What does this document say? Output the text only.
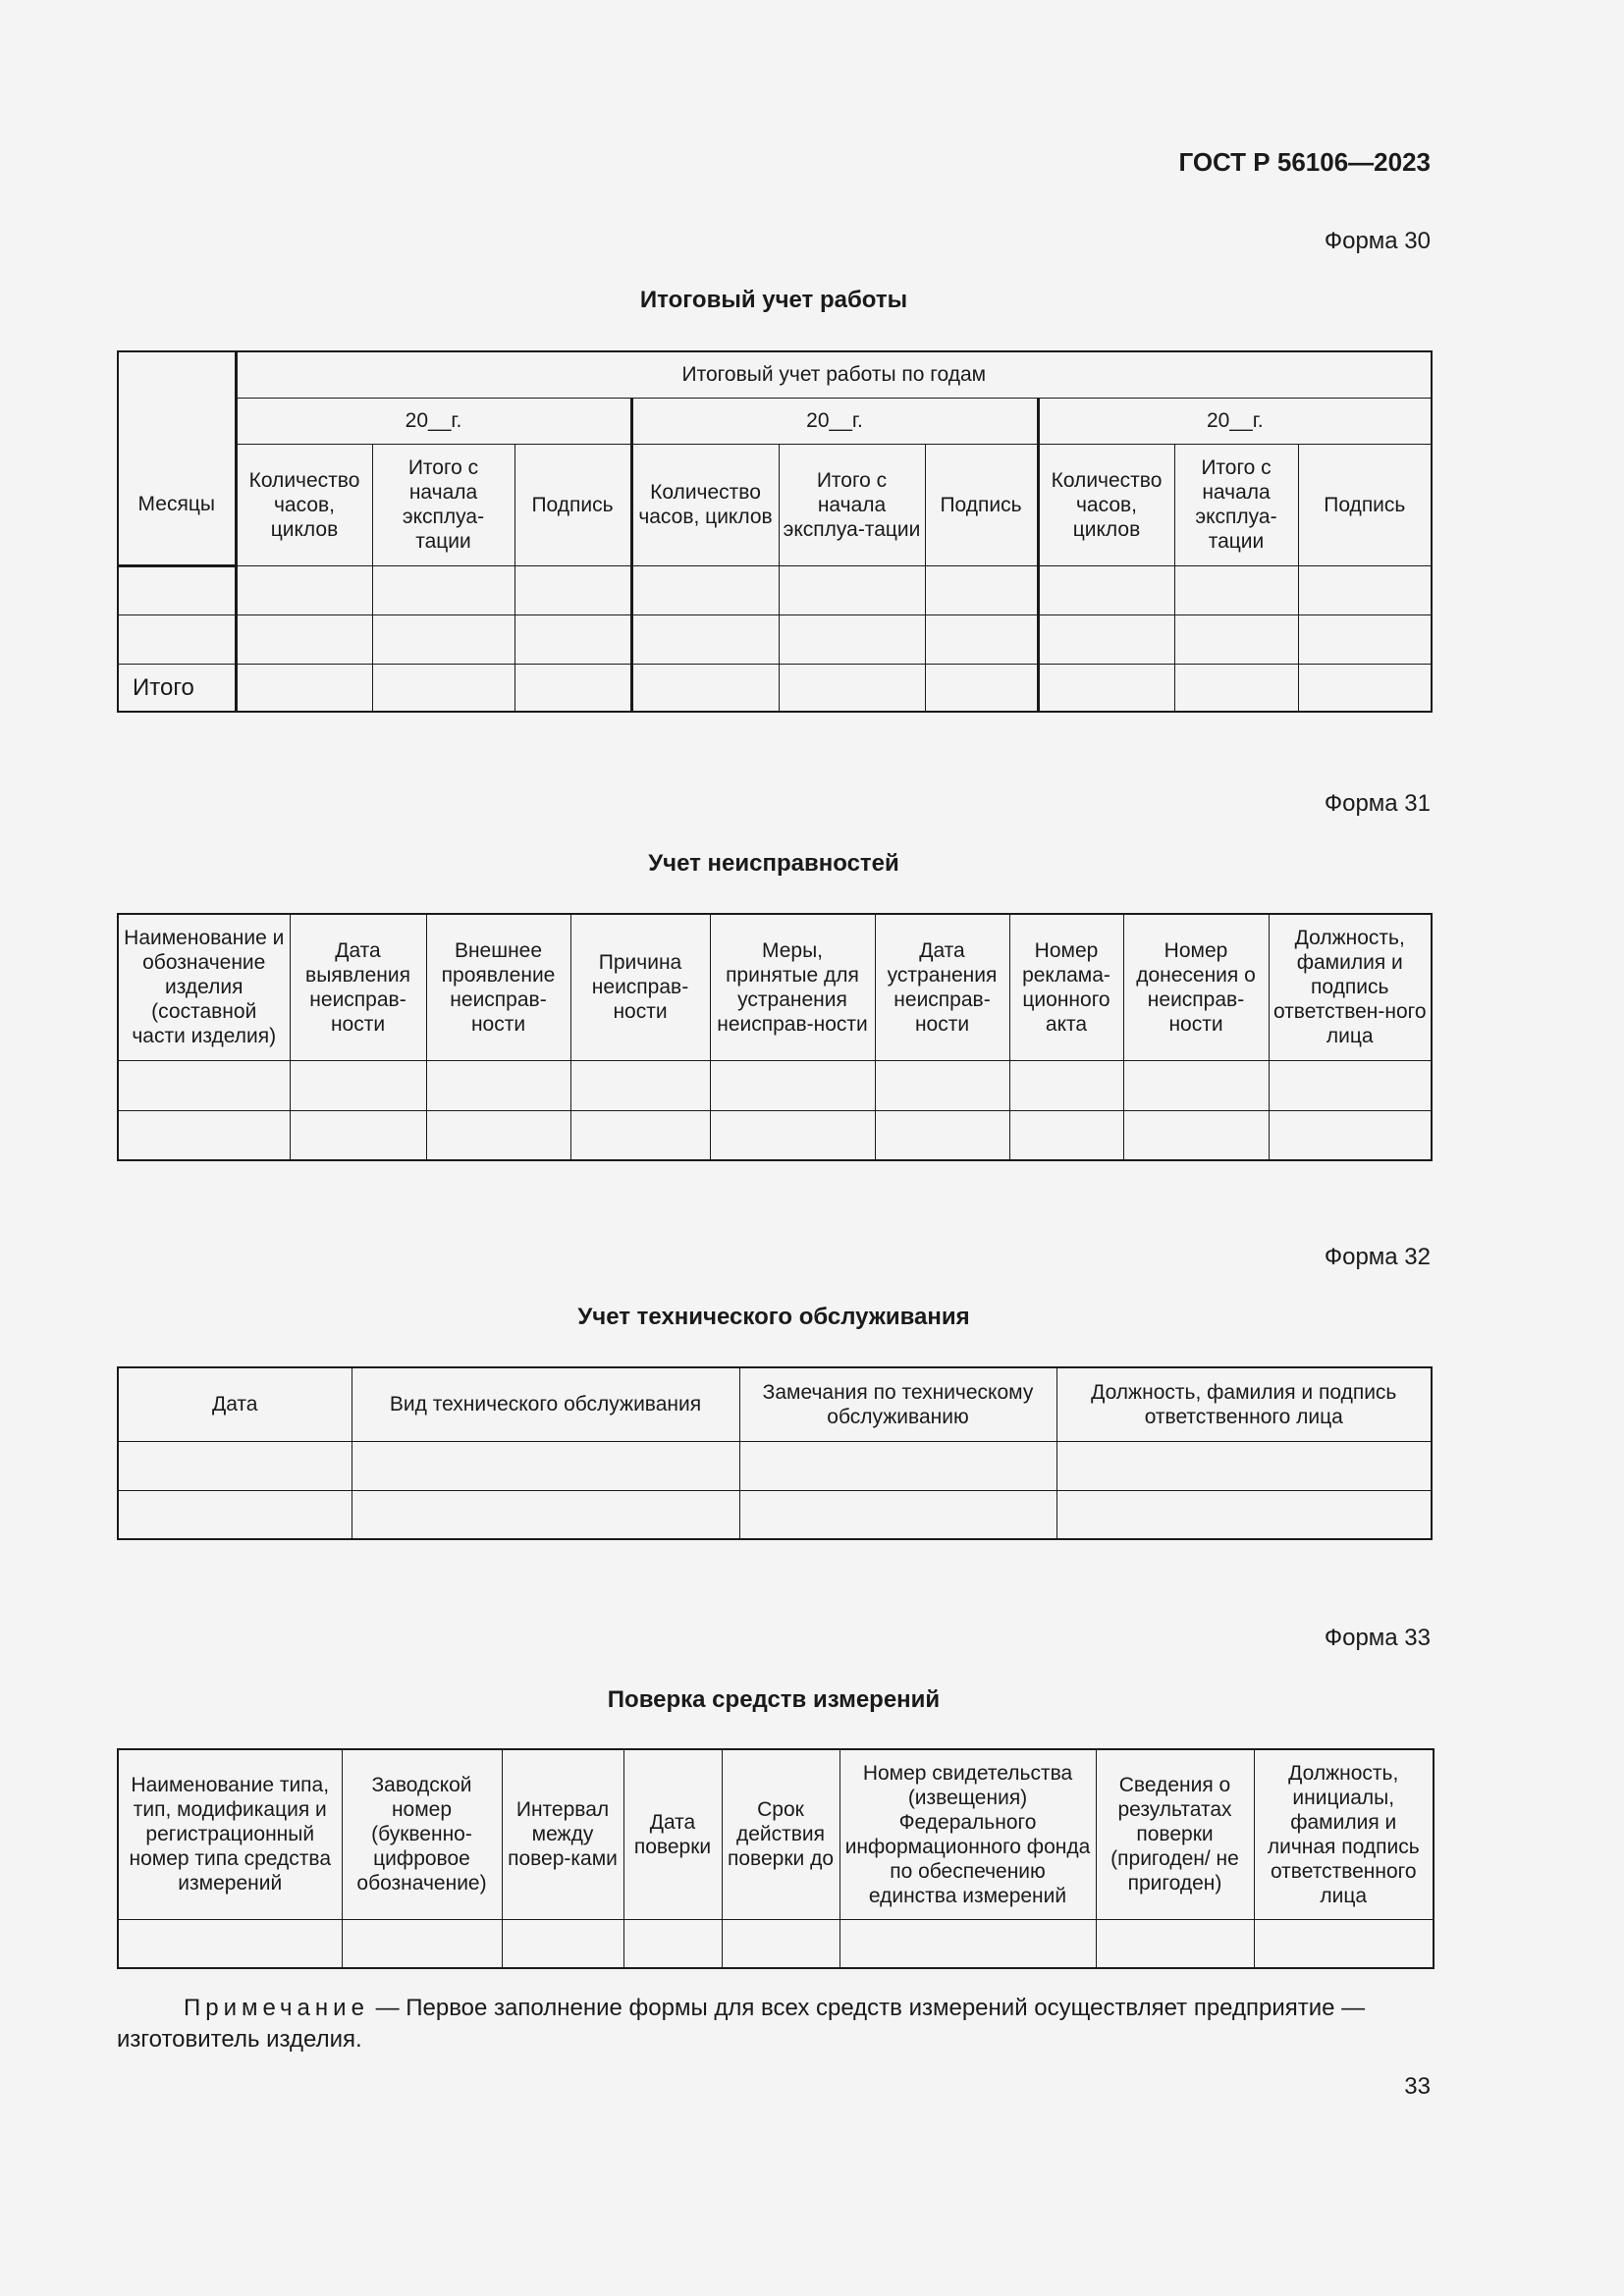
ГОСТ Р 56106—2023
Форма 30
Итоговый учет работы
Месяцы	Итоговый учет работы по годам								
	20__г.			20__г.			20__г.		
	Количество часов, циклов	Итого с начала эксплуа-тации	Подпись	Количество часов, циклов	Итого с начала эксплуа-тации	Подпись	Количество часов, циклов	Итого с начала эксплуа-тации	Подпись

Итого									
Форма 31
Учет неисправностей
Наименование и обозначение изделия (составной части изделия)	Дата выявления неисправ-ности	Внешнее проявление неисправ-ности	Причина неисправ-ности	Меры, принятые для устранения неисправ-ности	Дата устранения неисправ-ности	Номер реклама-ционного акта	Номер донесения о неисправ-ности	Должность, фамилия и подпись ответствен-ного лица

Форма 32
Учет технического обслуживания
Дата	Вид технического обслуживания	Замечания по техническому обслуживанию	Должность, фамилия и подпись ответственного лица

Форма 33
Поверка средств измерений
Наименование типа, тип, модификация и регистрационный номер типа средства измерений	Заводской номер (буквенно-цифровое обозначение)	Интервал между повер-ками	Дата поверки	Срок действия поверки до	Номер свидетельства (извещения) Федерального информационного фонда по обеспечению единства измерений	Сведения о результатах поверки (пригоден/ не пригоден)	Должность, инициалы, фамилия и личная подпись ответственного лица

Примечание — Первое заполнение формы для всех средств измерений осуществляет предприятие — изготовитель изделия.
33
